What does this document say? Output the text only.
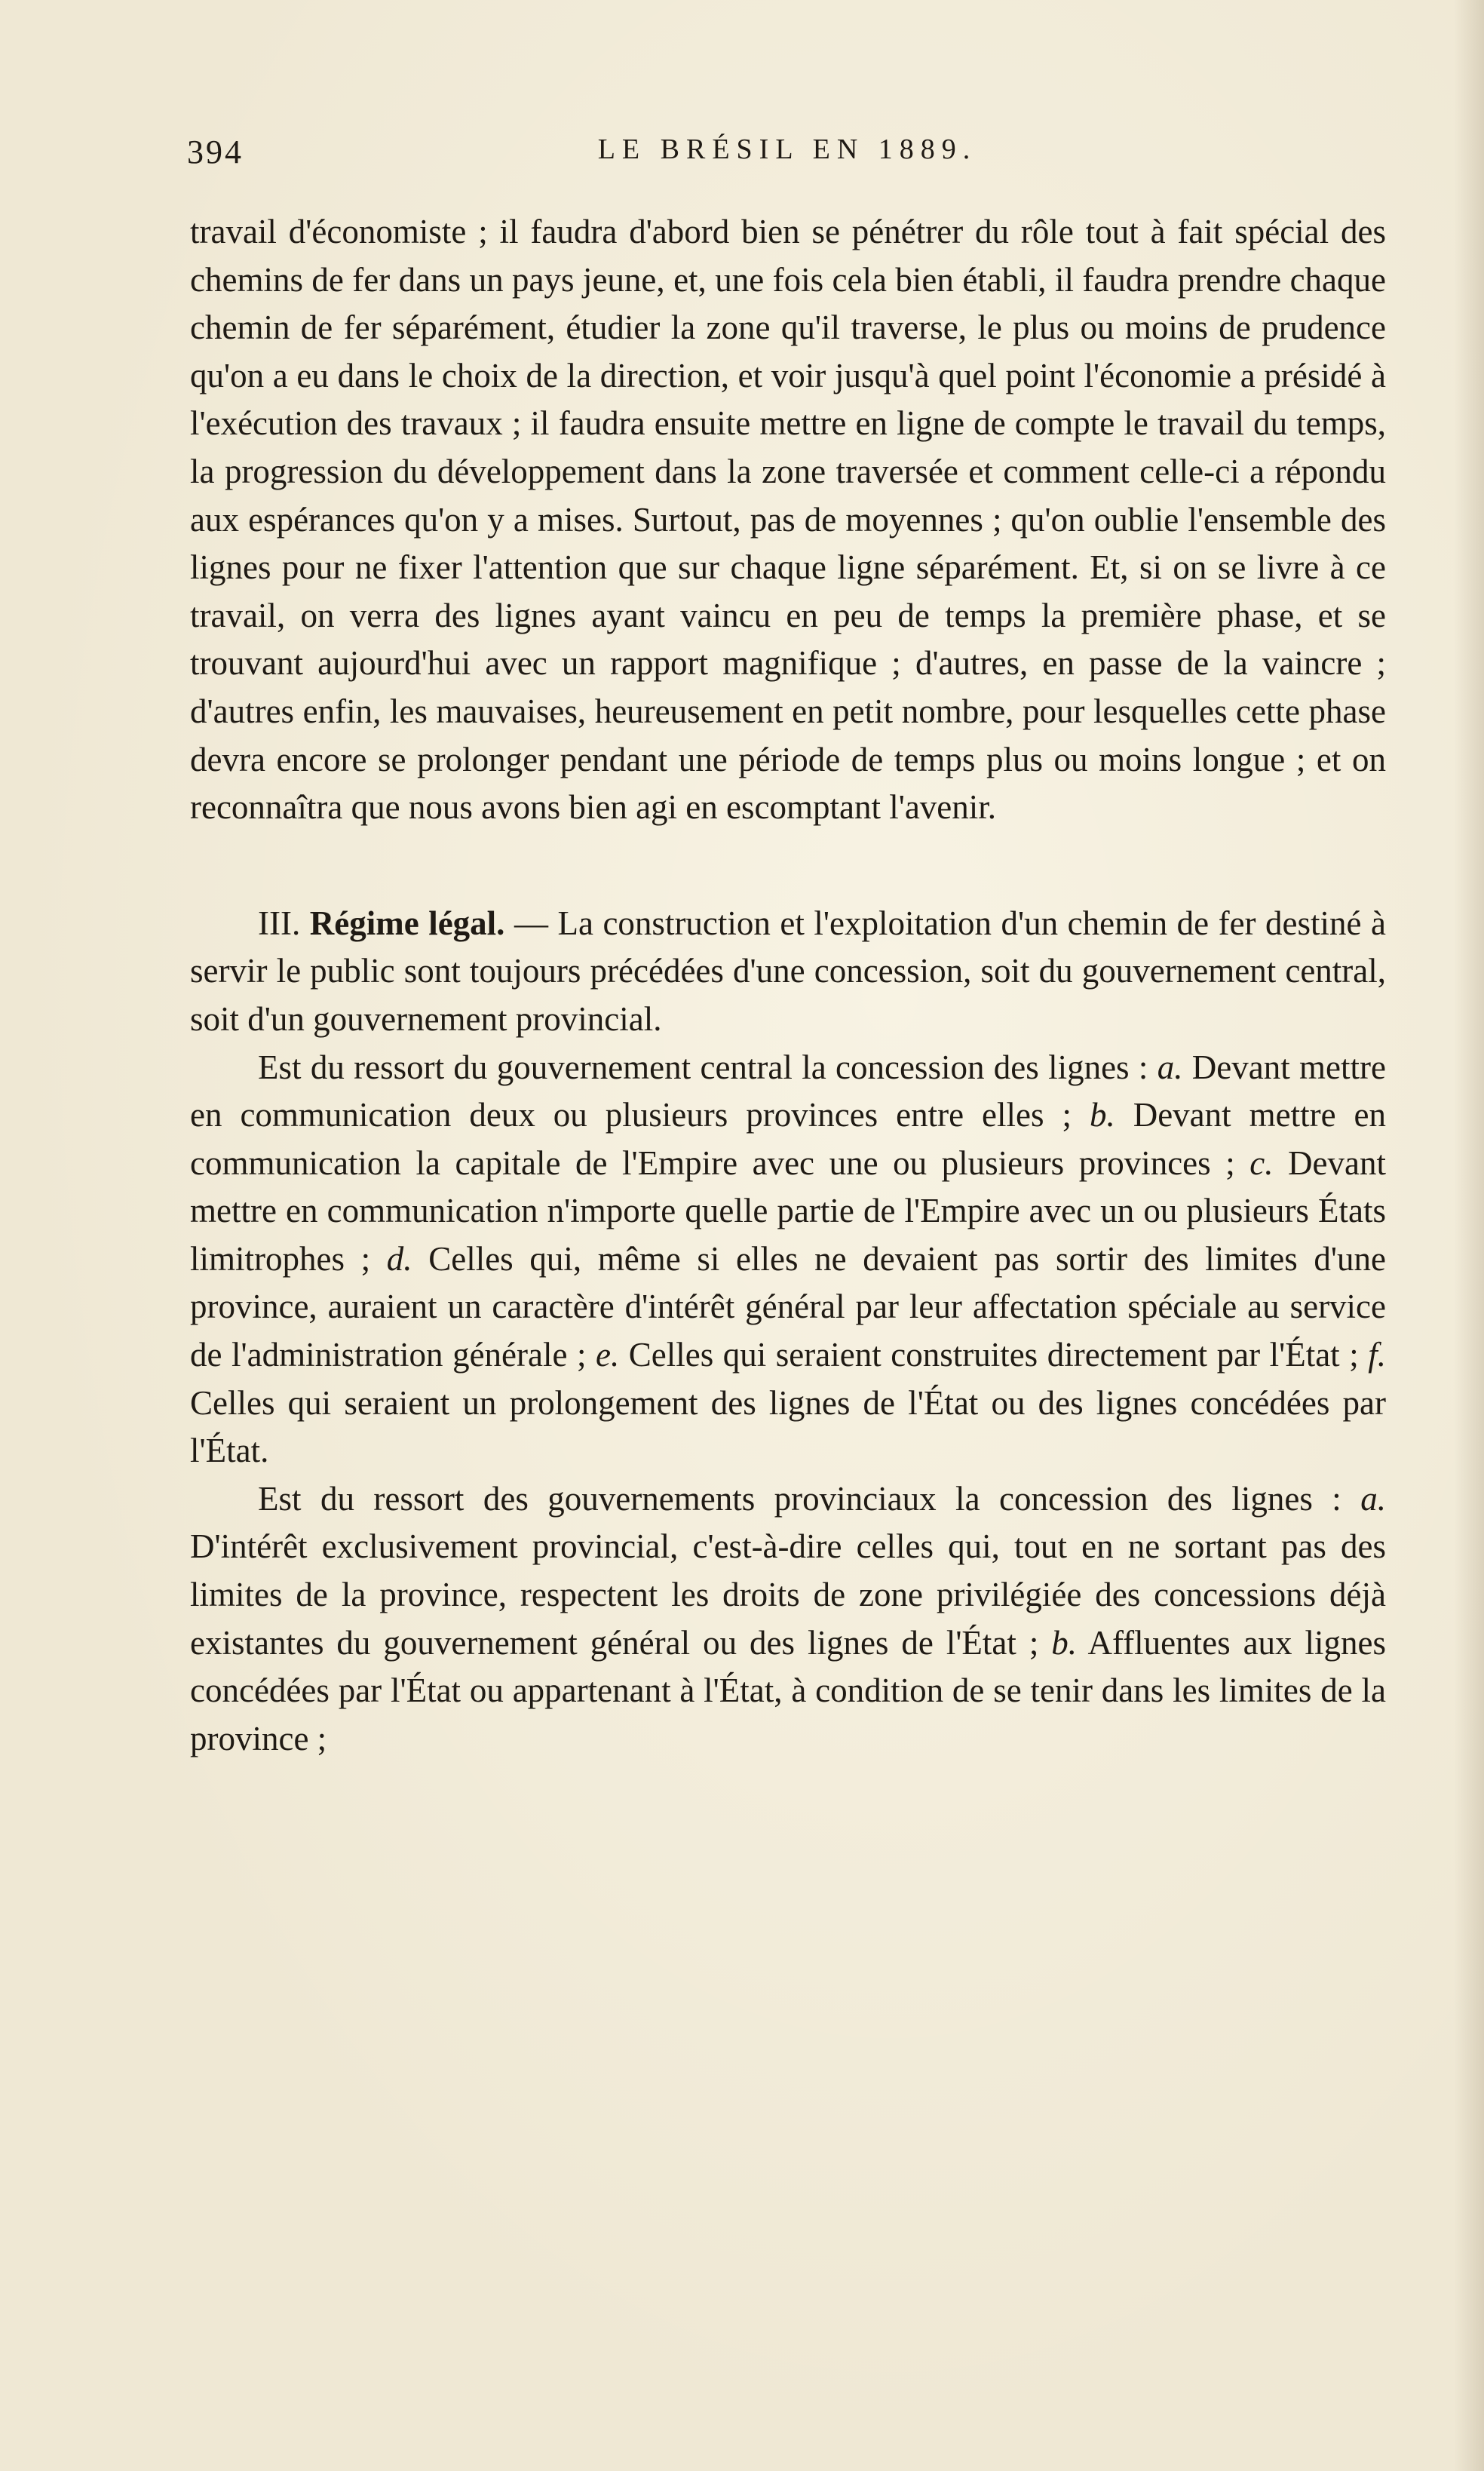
394	LE BRÉSIL EN 1889.

travail d'économiste ; il faudra d'abord bien se pénétrer du rôle tout à fait spécial des chemins de fer dans un pays jeune, et, une fois cela bien établi, il faudra prendre chaque chemin de fer séparément, étudier la zone qu'il traverse, le plus ou moins de prudence qu'on a eu dans le choix de la direction, et voir jusqu'à quel point l'économie a présidé à l'exécution des travaux ; il faudra ensuite mettre en ligne de compte le travail du temps, la progression du développement dans la zone traversée et comment celle-ci a répondu aux espérances qu'on y a mises. Surtout, pas de moyennes ; qu'on oublie l'ensemble des lignes pour ne fixer l'attention que sur chaque ligne séparément. Et, si on se livre à ce travail, on verra des lignes ayant vaincu en peu de temps la première phase, et se trouvant aujourd'hui avec un rapport magnifique ; d'autres, en passe de la vaincre ; d'autres enfin, les mauvaises, heureusement en petit nombre, pour lesquelles cette phase devra encore se prolonger pendant une période de temps plus ou moins longue ; et on reconnaîtra que nous avons bien agi en escomptant l'avenir.

III. Régime légal. — La construction et l'exploitation d'un chemin de fer destiné à servir le public sont toujours précédées d'une concession, soit du gouvernement central, soit d'un gouvernement provincial.

Est du ressort du gouvernement central la concession des lignes : a. Devant mettre en communication deux ou plusieurs provinces entre elles ; b. Devant mettre en communication la capitale de l'Empire avec une ou plusieurs provinces ; c. Devant mettre en communication n'importe quelle partie de l'Empire avec un ou plusieurs États limitrophes ; d. Celles qui, même si elles ne devaient pas sortir des limites d'une province, auraient un caractère d'intérêt général par leur affectation spéciale au service de l'administration générale ; e. Celles qui seraient construites directement par l'État ; f. Celles qui seraient un prolongement des lignes de l'État ou des lignes concédées par l'État.

Est du ressort des gouvernements provinciaux la concession des lignes : a. D'intérêt exclusivement provincial, c'est-à-dire celles qui, tout en ne sortant pas des limites de la province, respectent les droits de zone privilégiée des concessions déjà existantes du gouvernement général ou des lignes de l'État ; b. Affluentes aux lignes concédées par l'État ou appartenant à l'État, à condition de se tenir dans les limites de la province ;
